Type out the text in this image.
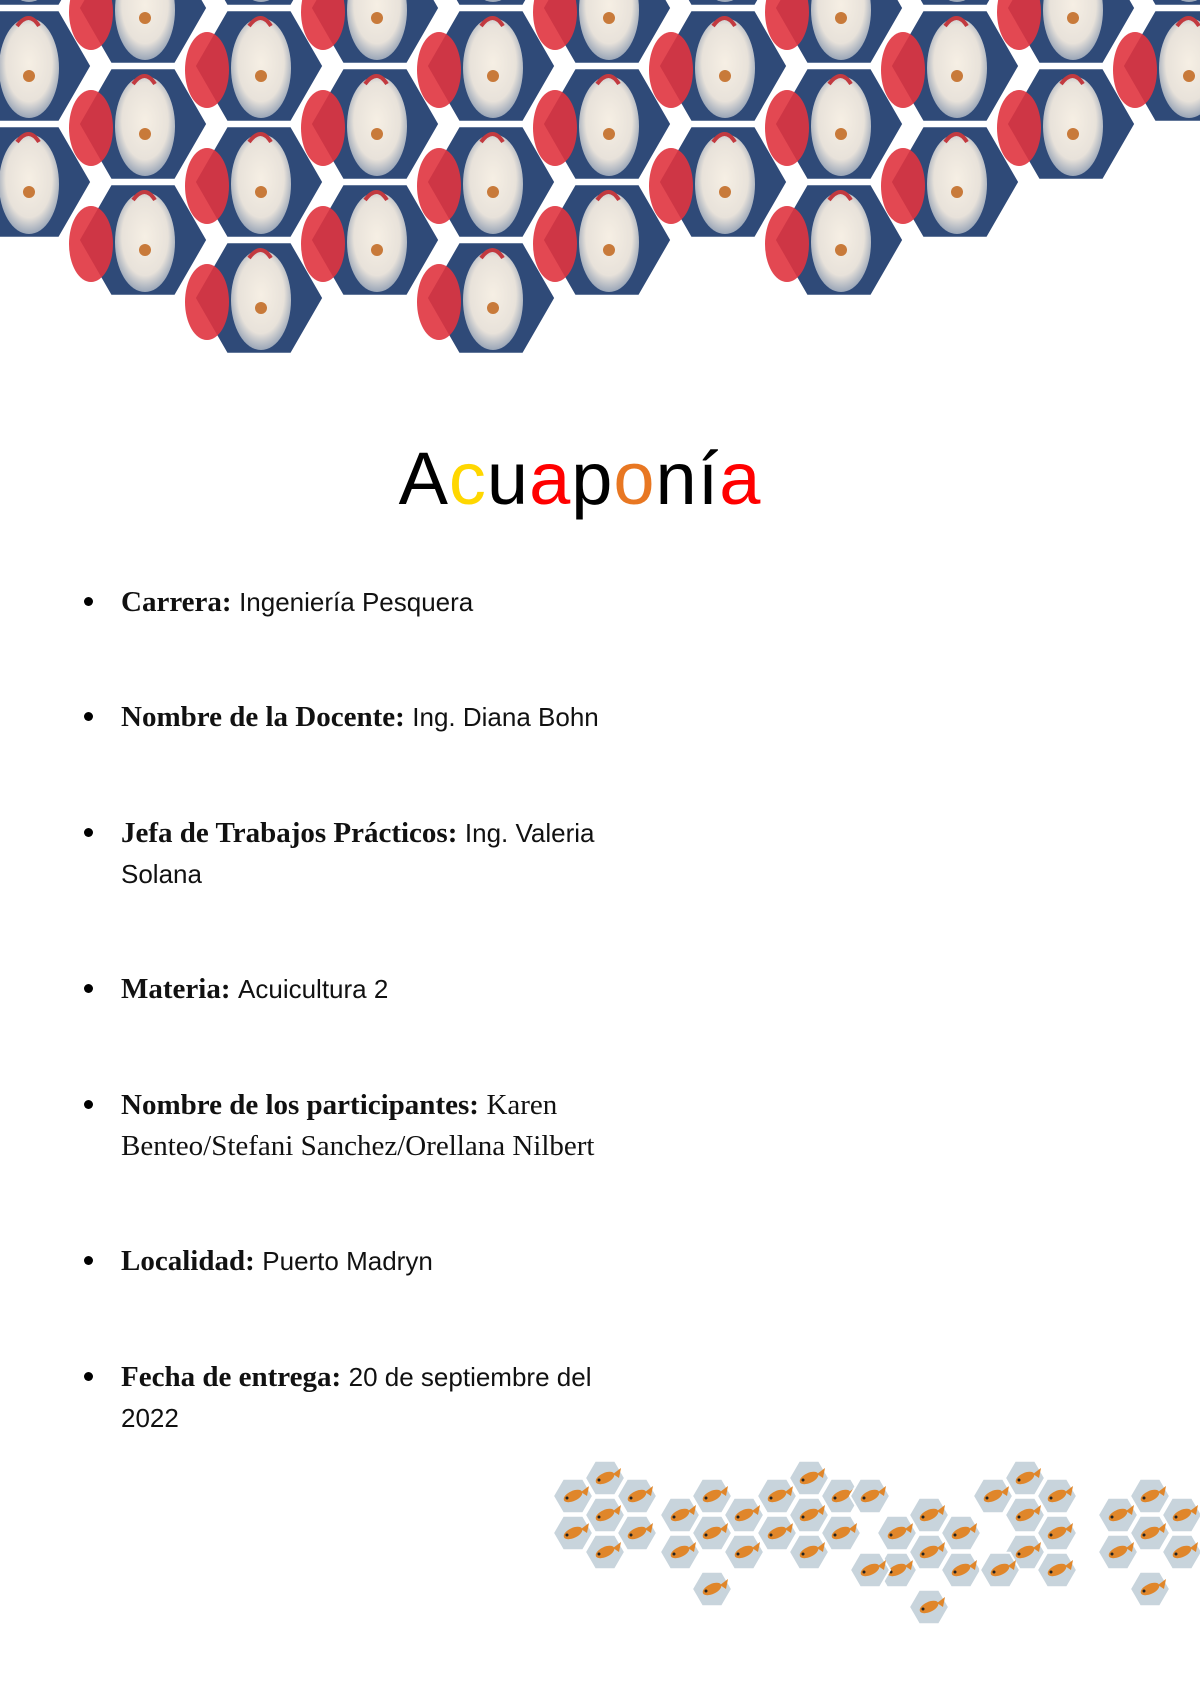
Acuaponía
Carrera: Ingeniería Pesquera
Nombre de la Docente: Ing. Diana Bohn
Jefa de Trabajos Prácticos: Ing. Valeria
Solana
Materia: Acuicultura 2
Nombre de los participantes: Karen
Benteo/Stefani Sanchez/Orellana Nilbert
Localidad: Puerto Madryn
Fecha de entrega: 20 de septiembre del
2022
